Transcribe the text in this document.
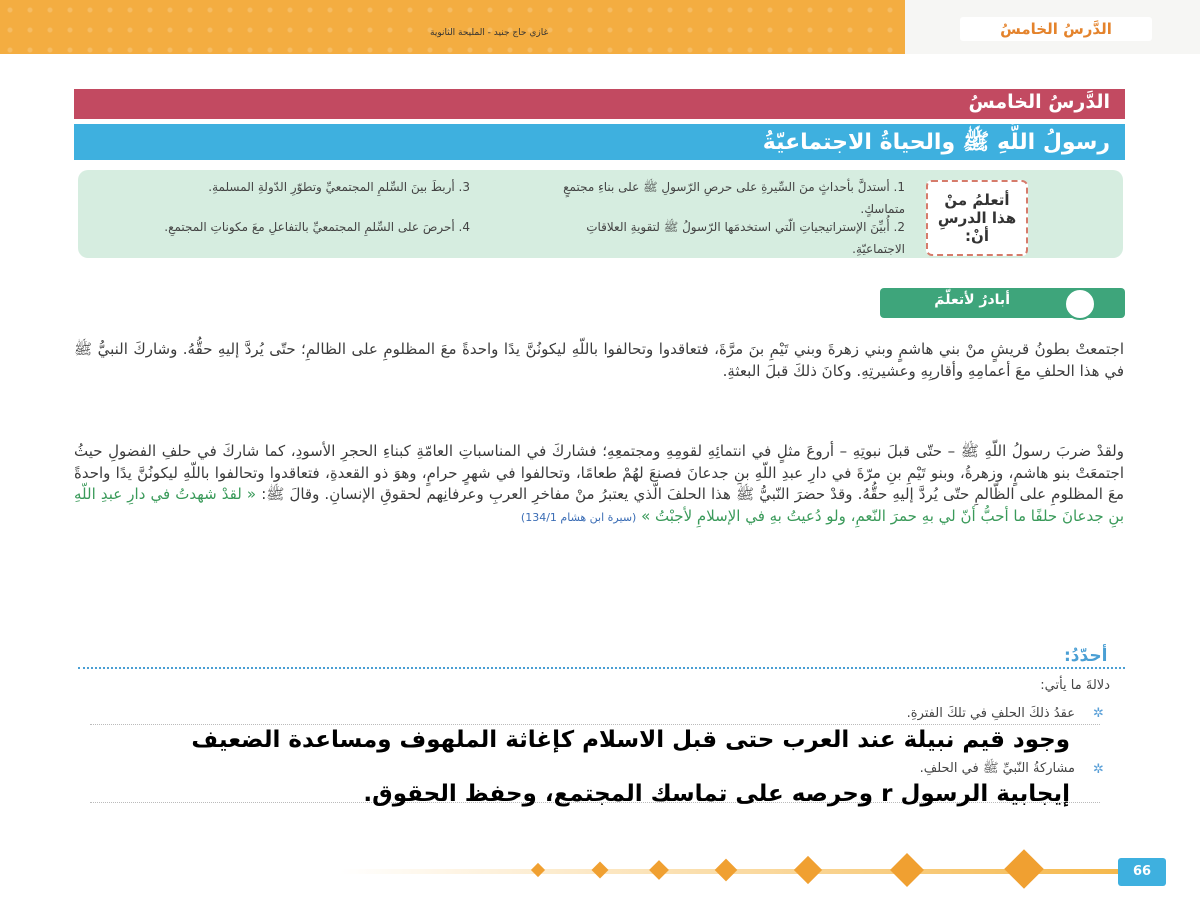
الدَّرسُ الخامسُ
غازي حاج جنيد - المليحة الثانوية
الدَّرسُ الخامسُ
رسولُ اللَّهِ ﷺ والحياةُ الاجتماعيّةُ
أتعلمُ منْ
هذا الدرسِ أنْ:
1. أستدلَّ بأحداثٍ منَ السِّيرةِ على حرصِ الرّسولِ ﷺ على بناءِ مجتمعٍ متماسكٍ.
2. أُبيِّنَ الإستراتيجياتِ الّتي استخدمَها الرّسولُ ﷺ لتقويةِ العلاقاتِ الاجتماعيّةِ.
3. أربطَ بينَ السِّلمِ المجتمعيِّ وتطوّرِ الدّولةِ المسلمةِ.
4. أحرصَ على السِّلمِ المجتمعيِّ بالتفاعلِ معَ مكوناتِ المجتمعِ.
أبادرُ لأتعلّمَ
اجتمعتْ بطونُ قريشٍ منْ بني هاشمٍ وبني زهرةَ وبني تَيْمِ بنَ مرَّةَ، فتعاقدوا وتحالفوا باللّهِ ليكونُنَّ يدًا واحدةً معَ المظلومِ على الظالمِ؛ حتّى يُردَّ إليهِ حقُّهُ. وشاركَ النبيُّ ﷺ في هذا الحلفِ معَ أعمامِهِ وأقاربِهِ وعشيرتِهِ. وكانَ ذلكَ قبلَ البعثةِ.
ولقدْ ضربَ رسولُ اللّهِ ﷺ – حتّى قبلَ نبوتِهِ – أروعَ مثلٍ في انتمائِهِ لقومِهِ ومجتمعِهِ؛ فشاركَ في المناسباتِ العامّةِ كبناءِ الحجرِ الأسودِ، كما شاركَ في حلفِ الفضولِ حيثُ اجتمعَتْ بنو هاشمٍ، وزهرةُ، وبنو تَيْمِ بنِ مرّةَ في دارِ عبدِ اللّهِ بنِ جدعانَ فصنعَ لهُمْ طعامًا، وتحالفوا في شهرٍ حرامٍ، وهوَ ذو القعدةِ، فتعاقدوا وتحالفوا باللّهِ ليكونُنَّ يدًا واحدةً معَ المظلومِ على الظّالمِ حتّى يُردَّ إليهِ حقُّهُ. وقدْ حضرَ النّبيُّ ﷺ هذا الحلفَ الّذي يعتبرُ منْ مفاخرِ العربِ وعرفانِهم لحقوقِ الإنسانِ. وقالَ ﷺ: « لقدْ شهدتُ في دارِ عبدِ اللّهِ بنِ جدعانَ حلفًا ما أحبُّ أنّ لي بهِ حمرَ النّعمِ، ولو دُعيتُ بهِ في الإسلامِ لأجبْتُ » (سيرة ابن هشام 134/1)
أحدّدُ:
دلالةَ ما يأتي:
✲
عقدُ ذلكَ الحلفِ في تلكَ الفترةِ.
✲
مشاركةُ النّبيِّ ﷺ في الحلفِ.
وجود قيم نبيلة عند العرب حتى قبل الاسلام كإغاثة الملهوف ومساعدة الضعيف
إيجابية الرسول r وحرصه على تماسك المجتمع، وحفظ الحقوق.
66
